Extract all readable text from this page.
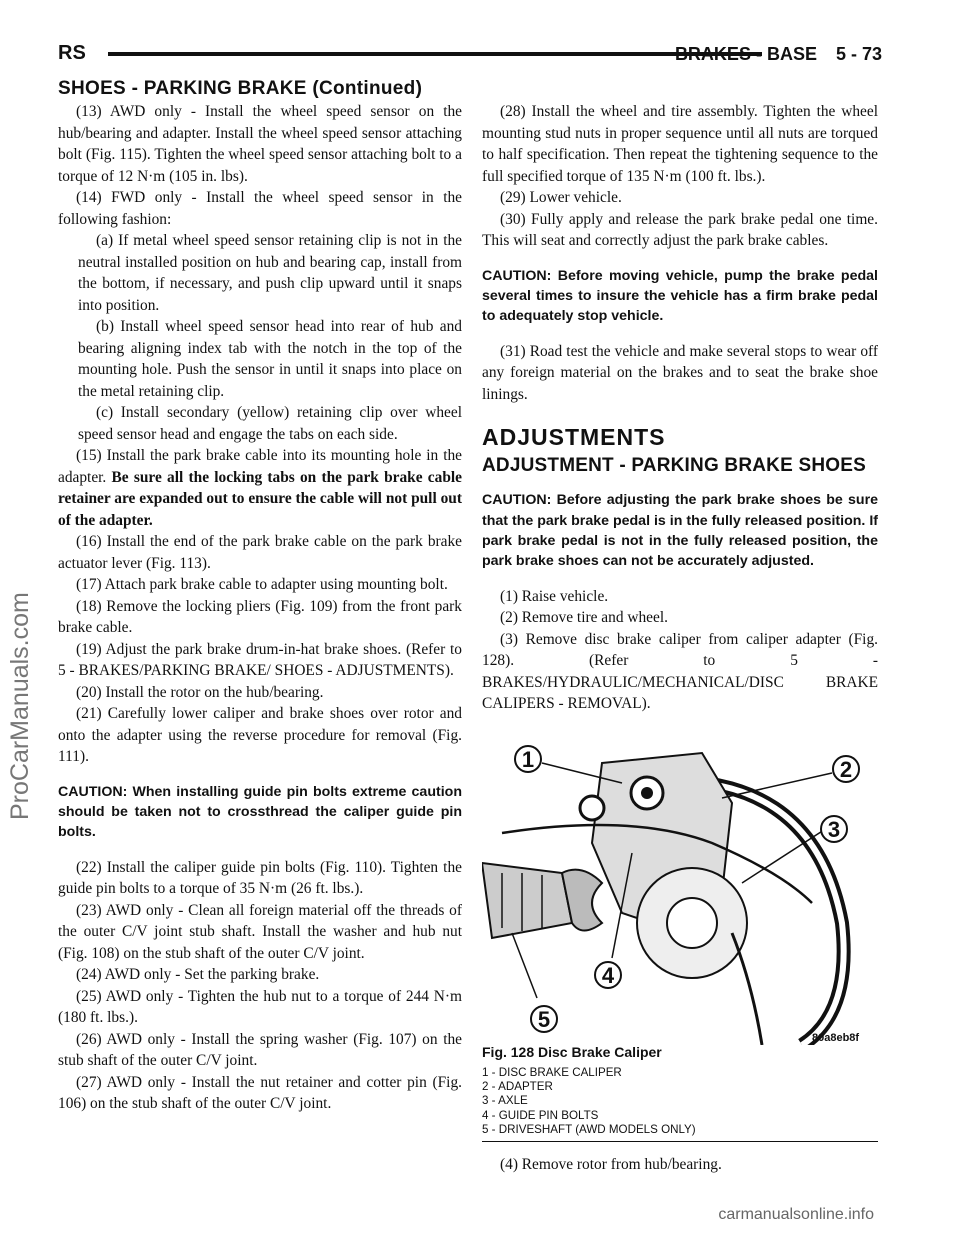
RS	BRAKES - BASE 5 - 73
SHOES - PARKING BRAKE (Continued)

(13) AWD only - Install the wheel speed sensor on the hub/bearing and adapter. Install the wheel speed sensor attaching bolt (Fig. 115). Tighten the wheel speed sensor attaching bolt to a torque of 12 N·m (105 in. lbs).

(14) FWD only - Install the wheel speed sensor in the following fashion:

(a) If metal wheel speed sensor retaining clip is not in the neutral installed position on hub and bearing cap, install from the bottom, if necessary, and push clip upward until it snaps into position.

(b) Install wheel speed sensor head into rear of hub and bearing aligning index tab with the notch in the top of the mounting hole. Push the sensor in until it snaps into place on the metal retaining clip.

(c) Install secondary (yellow) retaining clip over wheel speed sensor head and engage the tabs on each side.

(15) Install the park brake cable into its mounting hole in the adapter. Be sure all the locking tabs on the park brake cable retainer are expanded out to ensure the cable will not pull out of the adapter.

(16) Install the end of the park brake cable on the park brake actuator lever (Fig. 113).

(17) Attach park brake cable to adapter using mounting bolt.

(18) Remove the locking pliers (Fig. 109) from the front park brake cable.

(19) Adjust the park brake drum-in-hat brake shoes. (Refer to 5 - BRAKES/PARKING BRAKE/ SHOES - ADJUSTMENTS).

(20) Install the rotor on the hub/bearing.

(21) Carefully lower caliper and brake shoes over rotor and onto the adapter using the reverse procedure for removal (Fig. 111).

CAUTION: When installing guide pin bolts extreme caution should be taken not to crossthread the caliper guide pin bolts.

(22) Install the caliper guide pin bolts (Fig. 110). Tighten the guide pin bolts to a torque of 35 N·m (26 ft. lbs.).

(23) AWD only - Clean all foreign material off the threads of the outer C/V joint stub shaft. Install the washer and hub nut (Fig. 108) on the stub shaft of the outer C/V joint.

(24) AWD only - Set the parking brake.

(25) AWD only - Tighten the hub nut to a torque of 244 N·m (180 ft. lbs.).

(26) AWD only - Install the spring washer (Fig. 107) on the stub shaft of the outer C/V joint.

(27) AWD only - Install the nut retainer and cotter pin (Fig. 106) on the stub shaft of the outer C/V joint.

(28) Install the wheel and tire assembly. Tighten the wheel mounting stud nuts in proper sequence until all nuts are torqued to half specification. Then repeat the tightening sequence to the full specified torque of 135 N·m (100 ft. lbs.).

(29) Lower vehicle.

(30) Fully apply and release the park brake pedal one time. This will seat and correctly adjust the park brake cables.

CAUTION: Before moving vehicle, pump the brake pedal several times to insure the vehicle has a firm brake pedal to adequately stop vehicle.

(31) Road test the vehicle and make several stops to wear off any foreign material on the brakes and to seat the brake shoe linings.

ADJUSTMENTS
ADJUSTMENT - PARKING BRAKE SHOES

CAUTION: Before adjusting the park brake shoes be sure that the park brake pedal is in the fully released position. If park brake pedal is not in the fully released position, the park brake shoes can not be accurately adjusted.

(1) Raise vehicle.

(2) Remove tire and wheel.

(3) Remove disc brake caliper from caliper adapter (Fig. 128). (Refer to 5 - BRAKES/HYDRAULIC/MECHANICAL/DISC BRAKE CALIPERS - REMOVAL).

1	2
3
4
5
80a8eb8f
Fig. 128 Disc Brake Caliper
1 - DISC BRAKE CALIPER
2 - ADAPTER
3 - AXLE
4 - GUIDE PIN BOLTS
5 - DRIVESHAFT (AWD MODELS ONLY)
(4) Remove rotor from hub/bearing.
ProCarManuals.com
carmanualsonline.info
